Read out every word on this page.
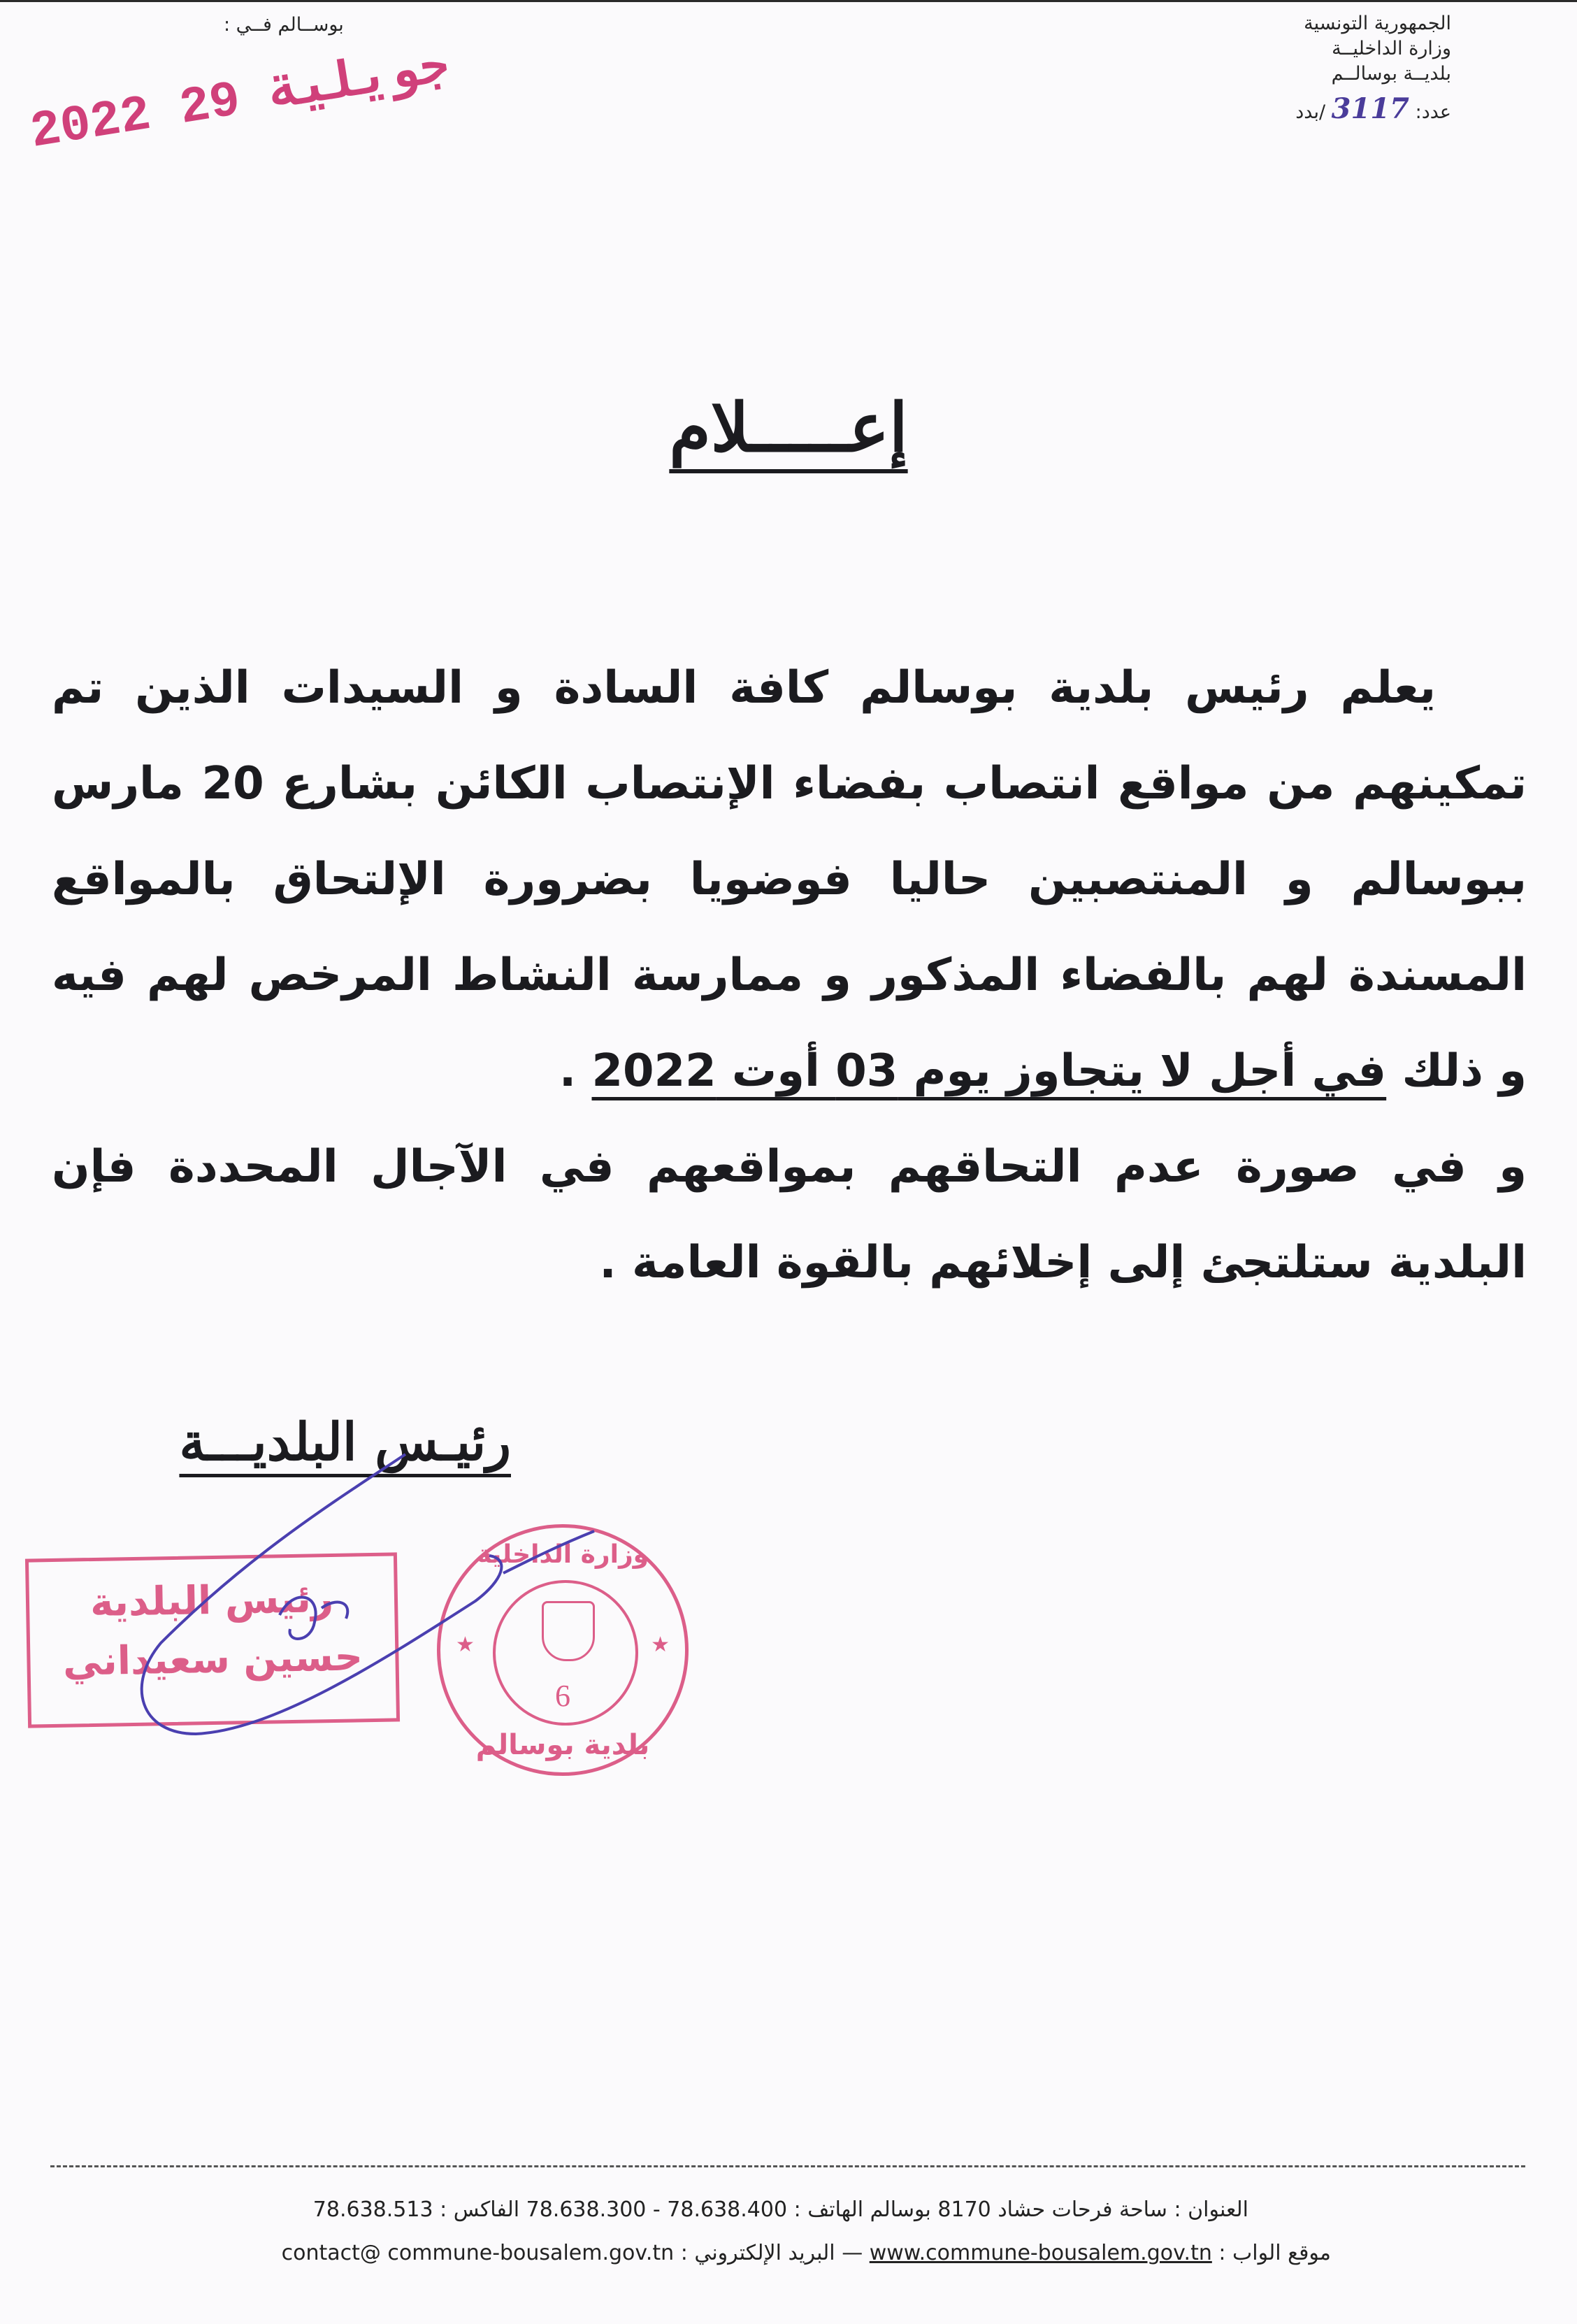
الجمهورية التونسية
وزارة الداخليــة
بلديــة بوسالــم
عدد: 3117 /بدد
بوســالم فــي :
2022 جويلية 29
إعـــــلام
يعلم رئيس بلدية بوسالم كافة السادة و السيدات الذين تم تمكينهم من مواقع انتصاب بفضاء الإنتصاب الكائن بشارع 20 مارس ببوسالم و المنتصبين حاليا فوضويا بضرورة الإلتحاق بالمواقع المسندة لهم بالفضاء المذكور و ممارسة النشاط المرخص لهم فيه و ذلك في أجل لا يتجاوز يوم 03 أوت 2022 .
و في صورة عدم التحاقهم بمواقعهم في الآجال المحددة فإن البلدية ستلتجئ إلى إخلائهم بالقوة العامة .
رئيـس البلديـــة
رئيس البلدية
حسين سعيداني
وزارة الداخلية
6
★	★
بلدية بوسالم
العنوان : ساحة فرحات حشاد 8170 بوسالم الهاتف : 78.638.300 - 78.638.400 الفاكس : 78.638.513
موقع الواب : www.commune-bousalem.gov.tn — البريد الإلكتروني : contact@ commune-bousalem.gov.tn
